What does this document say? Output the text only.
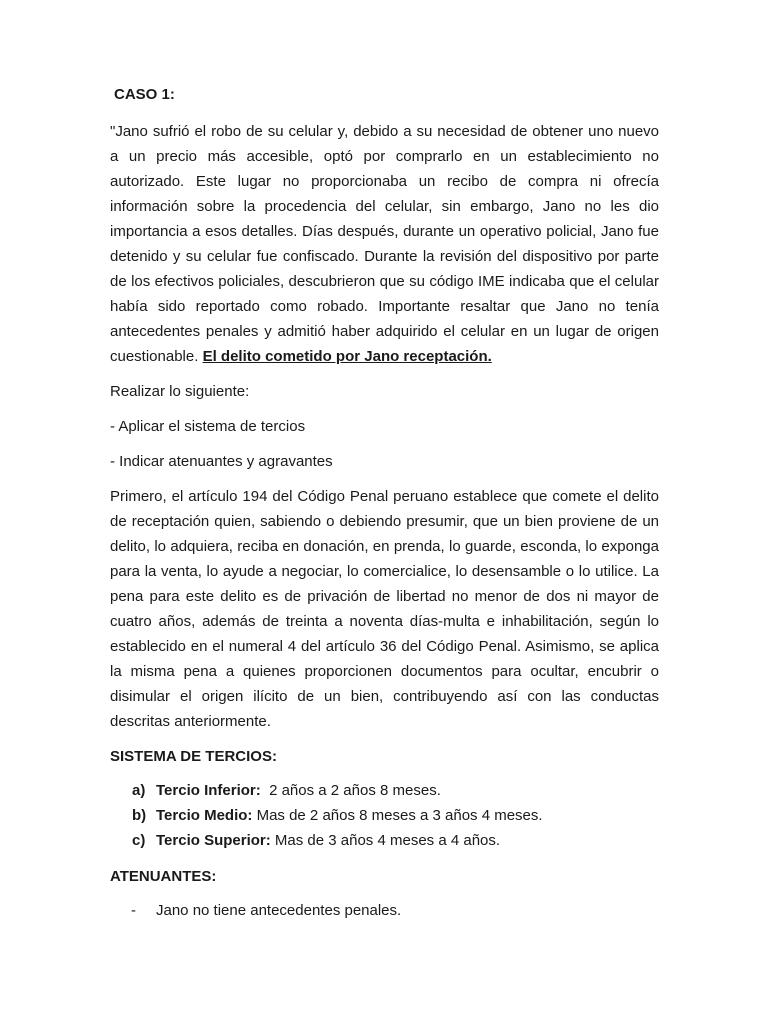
CASO 1:

"Jano sufrió el robo de su celular y, debido a su necesidad de obtener uno nuevo a un precio más accesible, optó por comprarlo en un establecimiento no autorizado. Este lugar no proporcionaba un recibo de compra ni ofrecía información sobre la procedencia del celular, sin embargo, Jano no les dio importancia a esos detalles. Días después, durante un operativo policial, Jano fue detenido y su celular fue confiscado. Durante la revisión del dispositivo por parte de los efectivos policiales, descubrieron que su código IME indicaba que el celular había sido reportado como robado. Importante resaltar que Jano no tenía antecedentes penales y admitió haber adquirido el celular en un lugar de origen cuestionable. El delito cometido por Jano receptación.

Realizar lo siguiente:

- Aplicar el sistema de tercios

- Indicar atenuantes y agravantes

Primero, el artículo 194 del Código Penal peruano establece que comete el delito de receptación quien, sabiendo o debiendo presumir, que un bien proviene de un delito, lo adquiera, reciba en donación, en prenda, lo guarde, esconda, lo exponga para la venta, lo ayude a negociar, lo comercialice, lo desensamble o lo utilice. La pena para este delito es de privación de libertad no menor de dos ni mayor de cuatro años, además de treinta a noventa días-multa e inhabilitación, según lo establecido en el numeral 4 del artículo 36 del Código Penal. Asimismo, se aplica la misma pena a quienes proporcionen documentos para ocultar, encubrir o disimular el origen ilícito de un bien, contribuyendo así con las conductas descritas anteriormente.

SISTEMA DE TERCIOS:

a) Tercio Inferior:  2 años a 2 años 8 meses.
b) Tercio Medio: Mas de 2 años 8 meses a 3 años 4 meses.
c) Tercio Superior: Mas de 3 años 4 meses a 4 años.

ATENUANTES:

-	Jano no tiene antecedentes penales.
